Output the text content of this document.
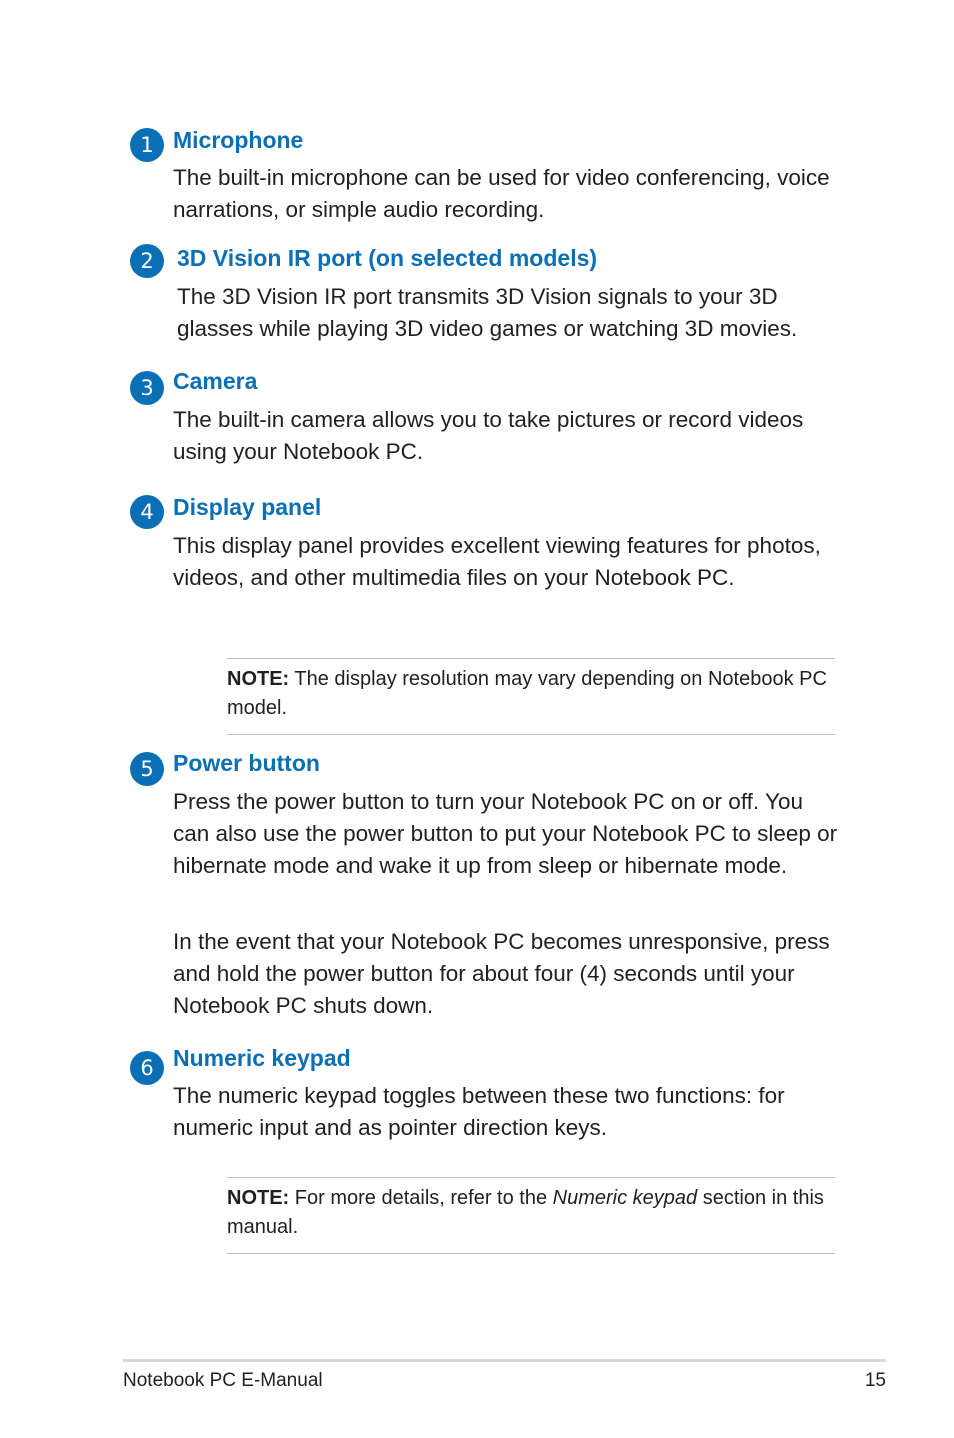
1 Microphone

The built-in microphone can be used for video conferencing, voice narrations, or simple audio recording.

2	3D Vision IR port (on selected models)

The 3D Vision IR port transmits 3D Vision signals to your 3D glasses while playing 3D video games or watching 3D movies.

3 Camera

The built-in camera allows you to take pictures or record videos using your Notebook PC.

4 Display panel

This display panel provides excellent viewing features for photos, videos, and other multimedia files on your Notebook PC.

NOTE: The display resolution may vary depending on Notebook PC model.
5 Power button

Press the power button to turn your Notebook PC on or off. You can also use the power button to put your Notebook PC to sleep or hibernate mode and wake it up from sleep or hibernate mode.

In the event that your Notebook PC becomes unresponsive, press and hold the power button for about four (4) seconds until your Notebook PC shuts down.

6 Numeric keypad

The numeric keypad toggles between these two functions: for numeric input and as pointer direction keys.

NOTE: For more details, refer to the Numeric keypad section in this manual.
Notebook PC E-Manual	15
